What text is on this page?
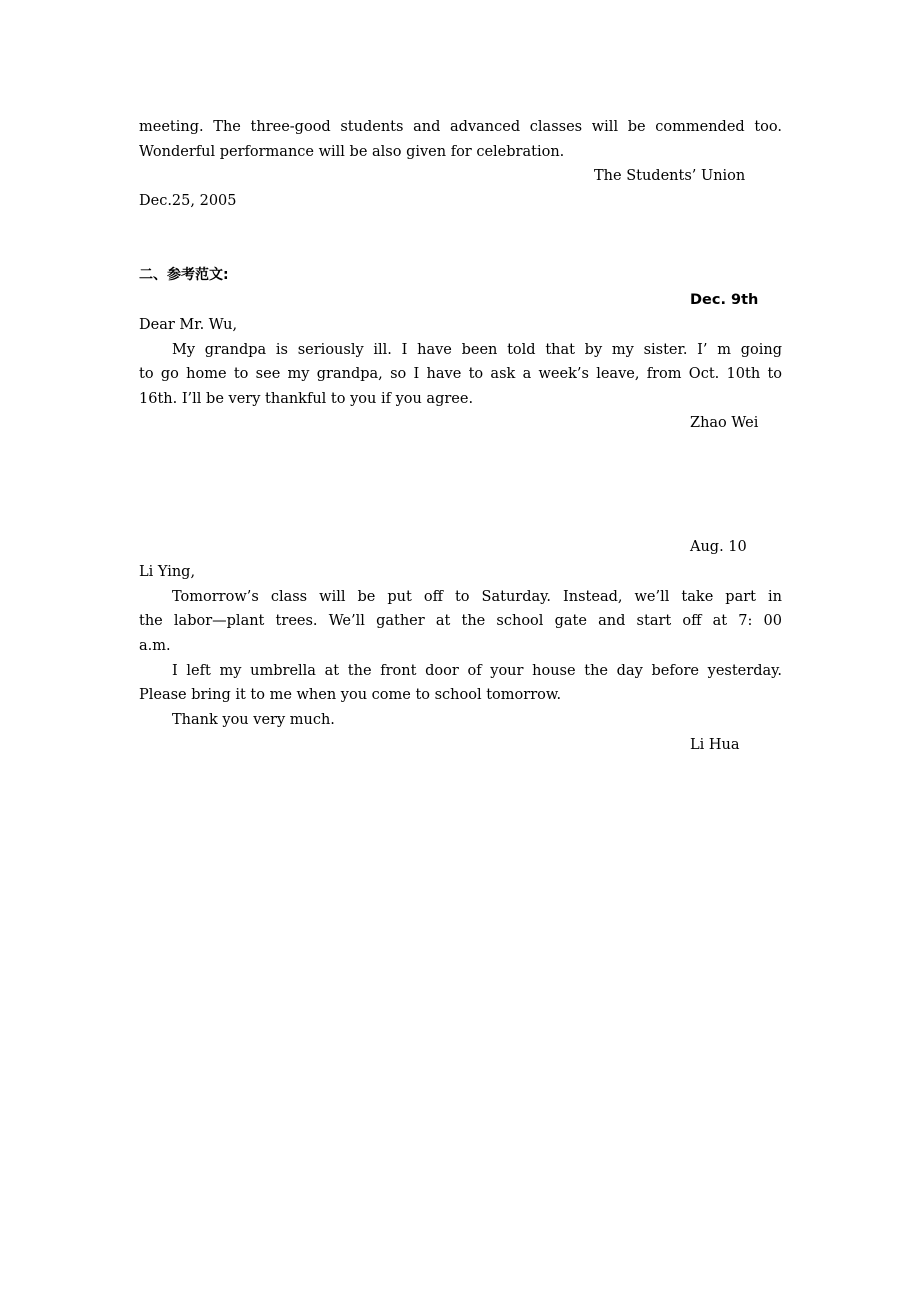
meeting. The three-good students and advanced classes will be commended too.
Wonderful performance will be also given for celebration.
The Students’ Union
Dec.25, 2005
二、参考范文:
Dec. 9th
Dear Mr. Wu,
My grandpa is seriously ill. I have been told that by my sister. I’ m going
to go home to see my grandpa, so I have to ask a week’s leave, from Oct. 10th to
16th. I’ll be very thankful to you if you agree.
Zhao Wei
Aug. 10
Li Ying,
Tomorrow’s class will be put off to Saturday. Instead, we’ll take part in
the labor—plant trees. We’ll gather at the school gate and start off at 7: 00
a.m.
I left my umbrella at the front door of your house the day before yesterday.
Please bring it to me when you come to school tomorrow.
Thank you very much.
Li Hua
